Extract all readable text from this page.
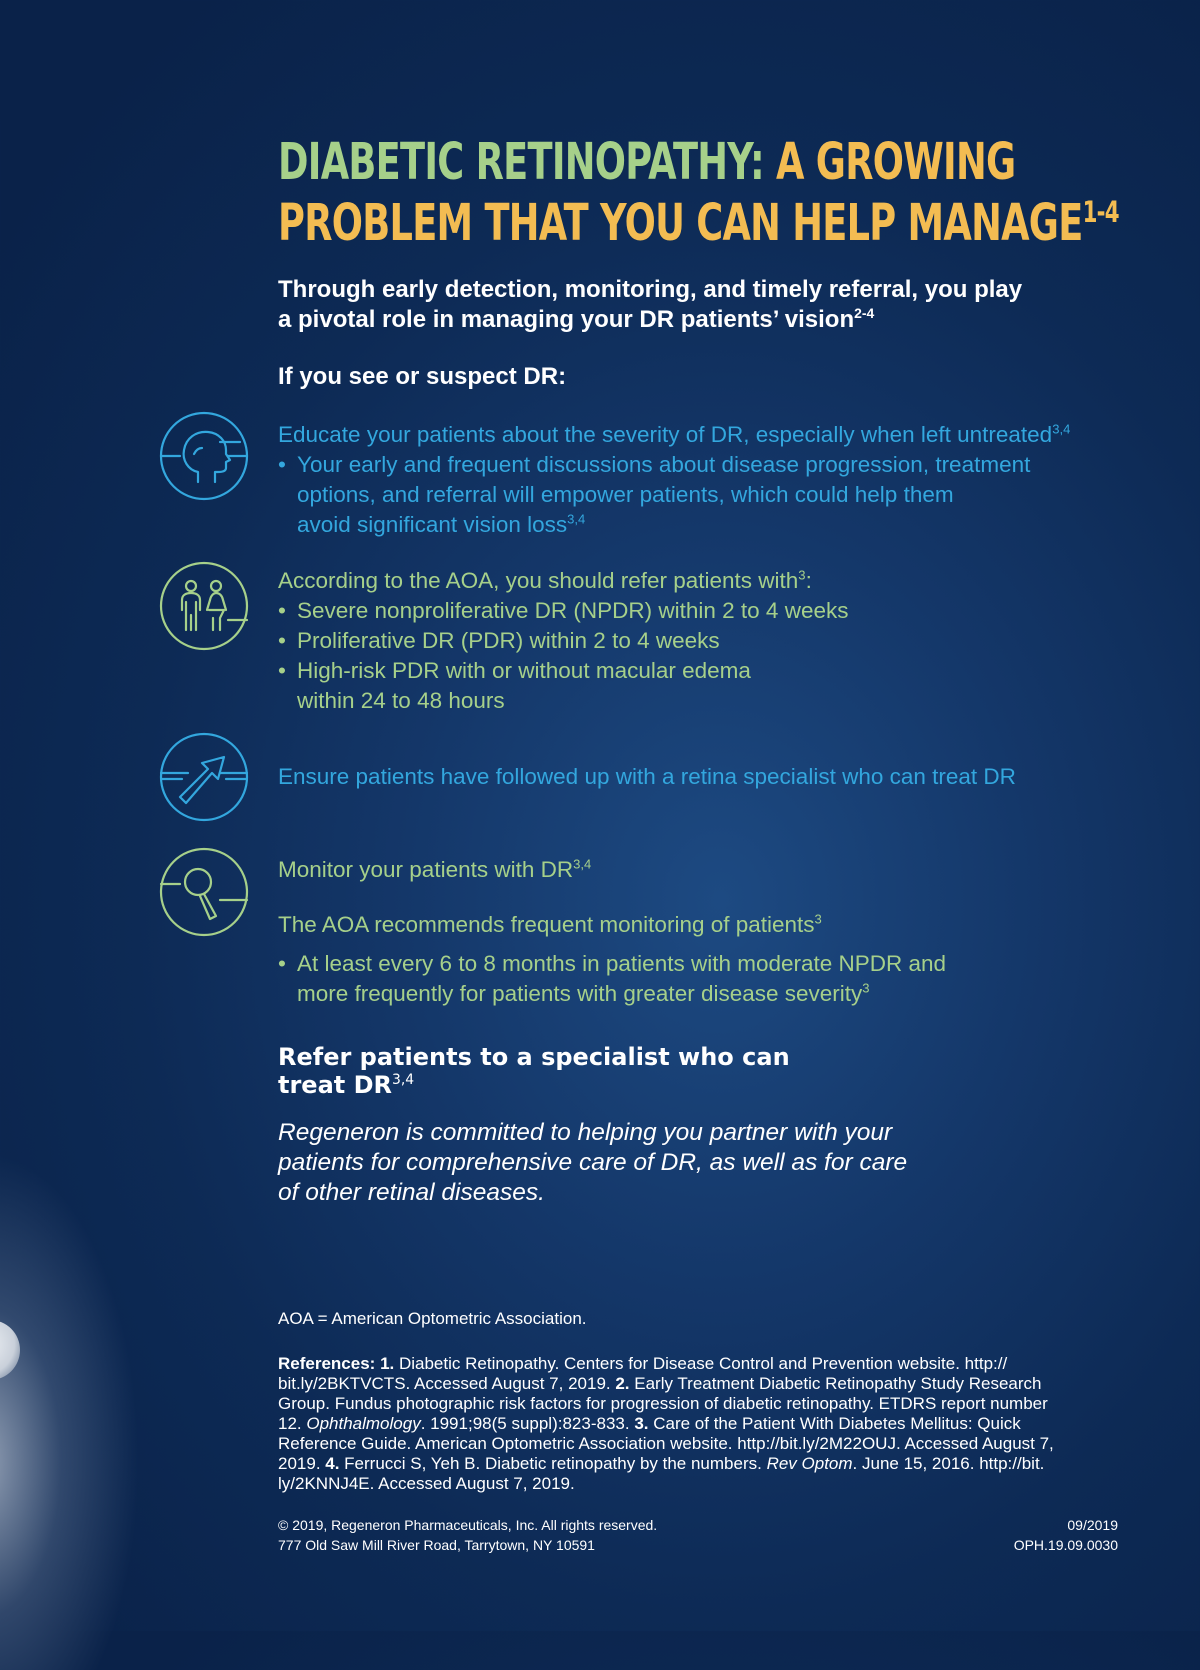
DIABETIC RETINOPATHY: A GROWING
PROBLEM THAT YOU CAN HELP MANAGE$^{1-4}$

Through early detection, monitoring, and timely referral, you play
a pivotal role in managing your DR patients’ vision$^{2-4}$

If you see or suspect DR:

Educate your patients about the severity of DR, especially when left untreated$^{3,4}$

• Your early and frequent discussions about disease progression, treatment
options, and referral will empower patients, which could help them
avoid significant vision loss$^{3,4}$

According to the AOA, you should refer patients with$^3$:

• Severe nonproliferative DR (NPDR) within 2 to 4 weeks
• Proliferative DR (PDR) within 2 to 4 weeks
• High-risk PDR with or without macular edema
within 24 to 48 hours

Ensure patients have followed up with a retina specialist who can treat DR

Monitor your patients with DR$^{3,4}$

The AOA recommends frequent monitoring of patients$^3$

• At least every 6 to 8 months in patients with moderate NPDR and
more frequently for patients with greater disease severity$^3$

Refer patients to a specialist who can
treat DR$^{3,4}$

Regeneron is committed to helping you partner with your
patients for comprehensive care of DR, as well as for care
of other retinal diseases.

AOA = American Optometric Association.

References: 1. Diabetic Retinopathy. Centers for Disease Control and Prevention website. http://
bit.ly/2BKTVCTS. Accessed August 7, 2019. 2. Early Treatment Diabetic Retinopathy Study Research
Group. Fundus photographic risk factors for progression of diabetic retinopathy. ETDRS report number
12. Ophthalmology. 1991;98(5 suppl):823-833. 3. Care of the Patient With Diabetes Mellitus: Quick
Reference Guide. American Optometric Association website. http://bit.ly/2M22OUJ. Accessed August 7,
2019. 4. Ferrucci S, Yeh B. Diabetic retinopathy by the numbers. Rev Optom. June 15, 2016. http://bit.
ly/2KNNJ4E. Accessed August 7, 2019.

© 2019, Regeneron Pharmaceuticals, Inc. All rights reserved.
777 Old Saw Mill River Road, Tarrytown, NY 10591

09/2019
OPH.19.09.0030
